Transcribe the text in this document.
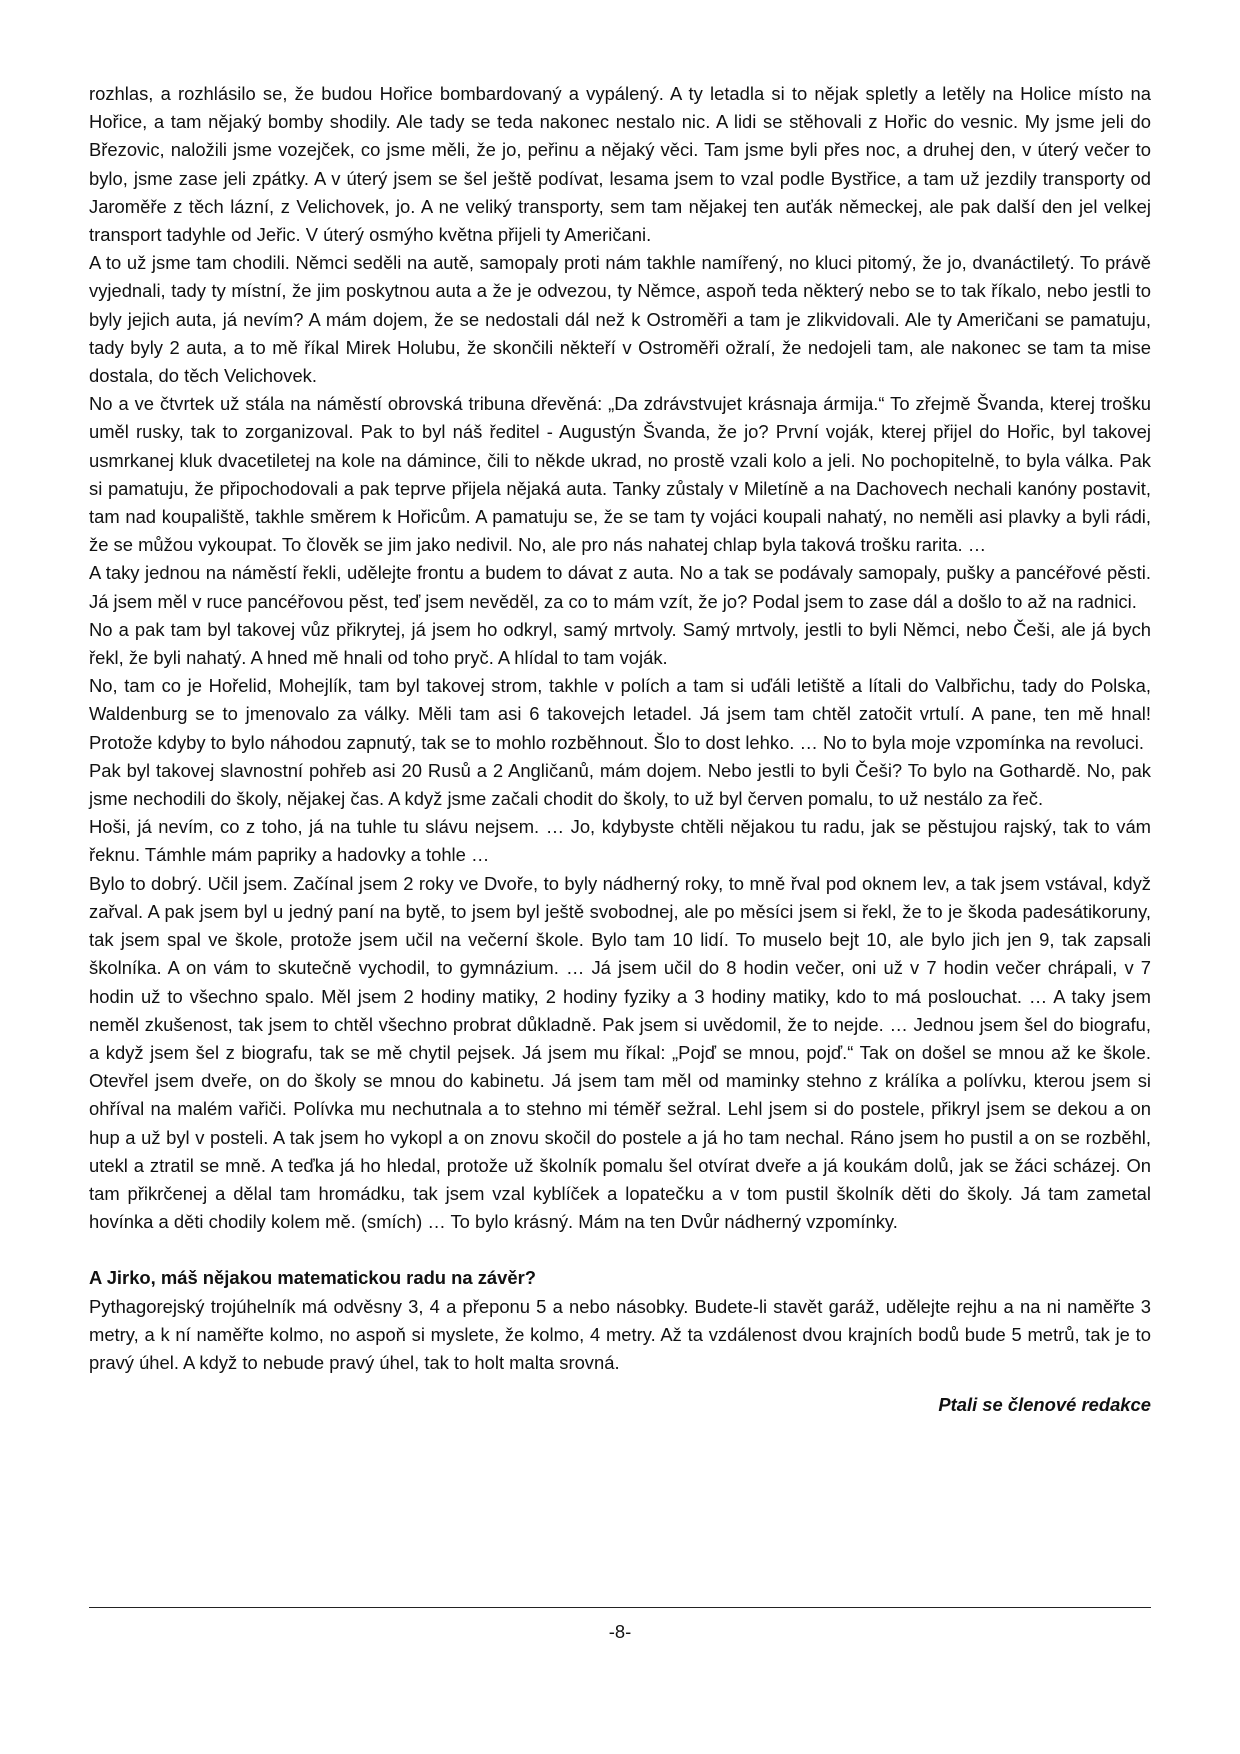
rozhlas, a rozhlásilo se, že budou Hořice bombardovaný a vypálený. A ty letadla si to nějak spletly a letěly na Holice místo na Hořice, a tam nějaký bomby shodily. Ale tady se teda nakonec nestalo nic. A lidi se stěhovali z Hořic do vesnic. My jsme jeli do Březovic, naložili jsme vozejček, co jsme měli, že jo, peřinu a nějaký věci. Tam jsme byli přes noc, a druhej den, v úterý večer to bylo, jsme zase jeli zpátky. A v úterý jsem se šel ještě podívat, lesama jsem to vzal podle Bystřice, a tam už jezdily transporty od Jaroměře z těch lázní, z Velichovek, jo. A ne veliký transporty, sem tam nějakej ten auťák německej, ale pak další den jel velkej transport tadyhle od Jeřic. V úterý osmýho května přijeli ty Američani.

A to už jsme tam chodili. Němci seděli na autě, samopaly proti nám takhle namířený, no kluci pitomý, že jo, dvanáctiletý. To právě vyjednali, tady ty místní, že jim poskytnou auta a že je odvezou, ty Němce, aspoň teda některý nebo se to tak říkalo, nebo jestli to byly jejich auta, já nevím? A mám dojem, že se nedostali dál než k Ostroměři a tam je zlikvidovali. Ale ty Američani se pamatuju, tady byly 2 auta, a to mě říkal Mirek Holubu, že skončili někteří v Ostroměři ožralí, že nedojeli tam, ale nakonec se tam ta mise dostala, do těch Velichovek.

No a ve čtvrtek už stála na náměstí obrovská tribuna dřevěná: „Da zdrávstvujet krásnaja ármija.“ To zřejmě Švanda, kterej trošku uměl rusky, tak to zorganizoval. Pak to byl náš ředitel - Augustýn Švanda, že jo? První voják, kterej přijel do Hořic, byl takovej usmrkanej kluk dvacetiletej na kole na dámince, čili to někde ukrad, no prostě vzali kolo a jeli. No pochopitelně, to byla válka. Pak si pamatuju, že připochodovali a pak teprve přijela nějaká auta. Tanky zůstaly v Miletíně a na Dachovech nechali kanóny postavit, tam nad koupaliště, takhle směrem k Hořicům. A pamatuju se, že se tam ty vojáci koupali nahatý, no neměli asi plavky a byli rádi, že se můžou vykoupat. To člověk se jim jako nedivil. No, ale pro nás nahatej chlap byla taková trošku rarita. …

A taky jednou na náměstí řekli, udělejte frontu a budem to dávat z auta. No a tak se podávaly samopaly, pušky a pancéřové pěsti. Já jsem měl v ruce pancéřovou pěst, teď jsem nevěděl, za co to mám vzít, že jo? Podal jsem to zase dál a došlo to až na radnici.

No a pak tam byl takovej vůz přikrytej, já jsem ho odkryl, samý mrtvoly. Samý mrtvoly, jestli to byli Němci, nebo Češi, ale já bych řekl, že byli nahatý. A hned mě hnali od toho pryč. A hlídal to tam voják.

No, tam co je Hořelid, Mohejlík, tam byl takovej strom, takhle v polích a tam si uďáli letiště a lítali do Valbřichu, tady do Polska, Waldenburg se to jmenovalo za války. Měli tam asi 6 takovejch letadel. Já jsem tam chtěl zatočit vrtulí. A pane, ten mě hnal! Protože kdyby to bylo náhodou zapnutý, tak se to mohlo rozběhnout. Šlo to dost lehko. … No to byla moje vzpomínka na revoluci.

Pak byl takovej slavnostní pohřeb asi 20 Rusů a 2 Angličanů, mám dojem. Nebo jestli to byli Češi? To bylo na Gothardě. No, pak jsme nechodili do školy, nějakej čas. A když jsme začali chodit do školy, to už byl červen pomalu, to už nestálo za řeč.

Hoši, já nevím, co z toho, já na tuhle tu slávu nejsem. … Jo, kdybyste chtěli nějakou tu radu, jak se pěstujou rajský, tak to vám řeknu. Támhle mám papriky a hadovky a tohle …

Bylo to dobrý. Učil jsem. Začínal jsem 2 roky ve Dvoře, to byly nádherný roky, to mně řval pod oknem lev, a tak jsem vstával, když zařval. A pak jsem byl u jedný paní na bytě, to jsem byl ještě svobodnej, ale po měsíci jsem si řekl, že to je škoda padesátikoruny, tak jsem spal ve škole, protože jsem učil na večerní škole. Bylo tam 10 lidí. To muselo bejt 10, ale bylo jich jen 9, tak zapsali školníka. A on vám to skutečně vychodil, to gymnázium. … Já jsem učil do 8 hodin večer, oni už v 7 hodin večer chrápali, v 7 hodin už to všechno spalo. Měl jsem 2 hodiny matiky, 2 hodiny fyziky a 3 hodiny matiky, kdo to má poslouchat. … A taky jsem neměl zkušenost, tak jsem to chtěl všechno probrat důkladně. Pak jsem si uvědomil, že to nejde. … Jednou jsem šel do biografu, a když jsem šel z biografu, tak se mě chytil pejsek. Já jsem mu říkal: „Pojď se mnou, pojď.“ Tak on došel se mnou až ke škole. Otevřel jsem dveře, on do školy se mnou do kabinetu. Já jsem tam měl od maminky stehno z králíka a polívku, kterou jsem si ohříval na malém vařiči. Polívka mu nechutnala a to stehno mi téměř sežral. Lehl jsem si do postele, přikryl jsem se dekou a on hup a už byl v posteli. A tak jsem ho vykopl a on znovu skočil do postele a já ho tam nechal. Ráno jsem ho pustil a on se rozběhl, utekl a ztratil se mně. A teďka já ho hledal, protože už školník pomalu šel otvírat dveře a já koukám dolů, jak se žáci scházej. On tam přikrčenej a dělal tam hromádku, tak jsem vzal kyblíček a lopatečku a v tom pustil školník děti do školy. Já tam zametal hovínka a děti chodily kolem mě. (smích) … To bylo krásný. Mám na ten Dvůr nádherný vzpomínky.

A Jirko, máš nějakou matematickou radu na závěr?

Pythagorejský trojúhelník má odvěsny 3, 4 a přeponu 5 a nebo násobky. Budete-li stavět garáž, udělejte rejhu a na ni naměřte 3 metry, a k ní naměřte kolmo, no aspoň si myslete, že kolmo, 4 metry. Až ta vzdálenost dvou krajních bodů bude 5 metrů, tak je to pravý úhel. A když to nebude pravý úhel, tak to holt malta srovná.

Ptali se členové redakce

-8-
